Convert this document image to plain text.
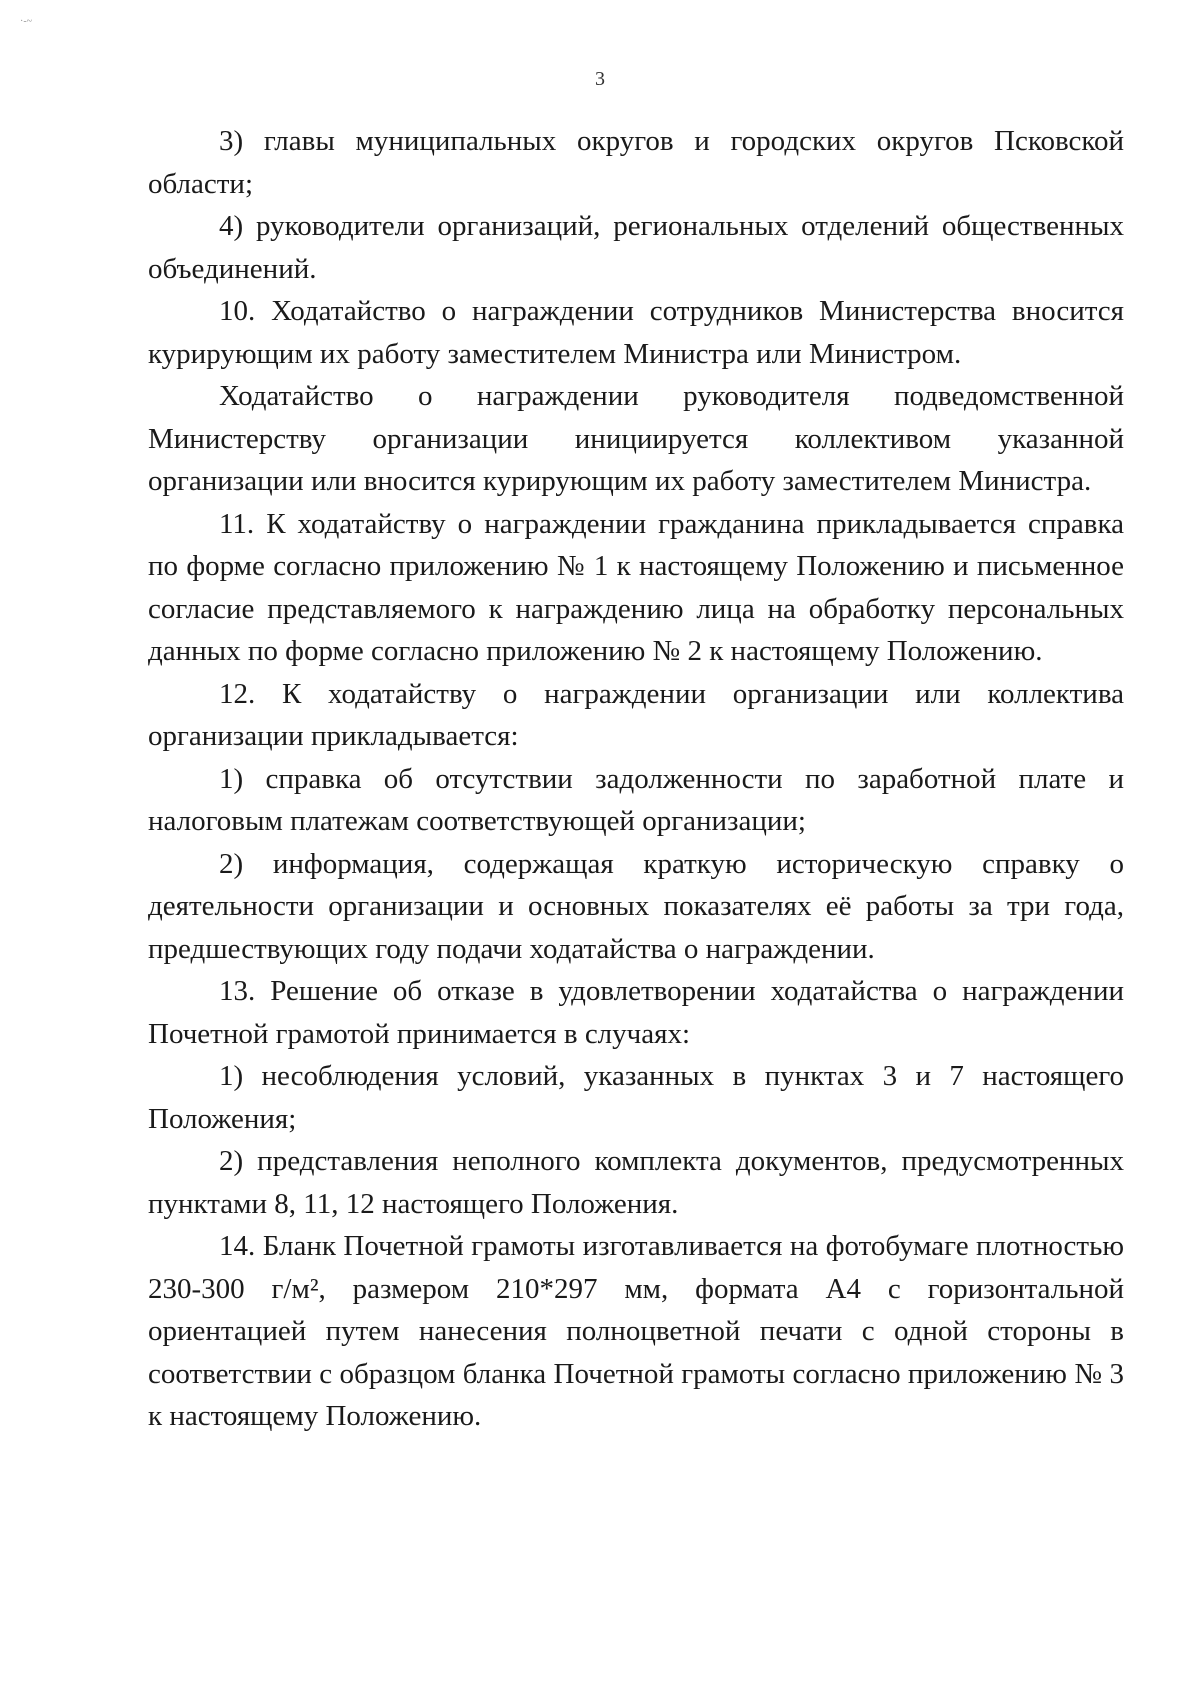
·-~
3

3) главы муниципальных округов и городских округов Псковской области;

4) руководители организаций, региональных отделений общественных объединений.

10. Ходатайство о награждении сотрудников Министерства вносится курирующим их работу заместителем Министра или Министром.

Ходатайство о награждении руководителя подведомственной Министерству организации инициируется коллективом указанной организации или вносится курирующим их работу заместителем Министра.

11. К ходатайству о награждении гражданина прикладывается справка по форме согласно приложению № 1 к настоящему Положению и письменное согласие представляемого к награждению лица на обработку персональных данных по форме согласно приложению № 2 к настоящему Положению.

12. К ходатайству о награждении организации или коллектива организации прикладывается:

1) справка об отсутствии задолженности по заработной плате и налоговым платежам соответствующей организации;

2) информация, содержащая краткую историческую справку о деятельности организации и основных показателях её работы за три года, предшествующих году подачи ходатайства о награждении.

13. Решение об отказе в удовлетворении ходатайства о награждении Почетной грамотой принимается в случаях:

1) несоблюдения условий, указанных в пунктах 3 и 7 настоящего Положения;

2) представления неполного комплекта документов, предусмотренных пунктами 8, 11, 12 настоящего Положения.

14. Бланк Почетной грамоты изготавливается на фотобумаге плотностью 230-300 г/м², размером 210*297 мм, формата А4 с горизонтальной ориентацией путем нанесения полноцветной печати с одной стороны в соответствии с образцом бланка Почетной грамоты согласно приложению № 3 к настоящему Положению.
